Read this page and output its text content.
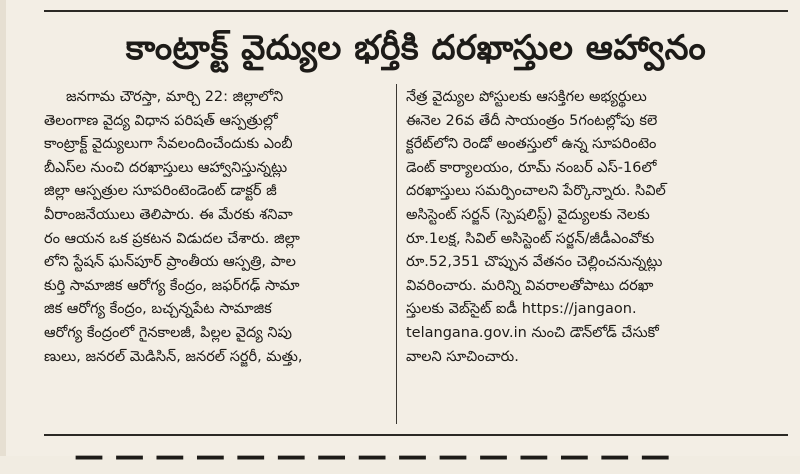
కాంట్రాక్ట్ వైద్యుల భర్తీకి దరఖాస్తుల ఆహ్వానం
జనగామ చౌరస్తా, మార్చి 22: జిల్లాలోని
తెలంగాణ వైద్య విధాన పరిషత్ ఆస్పత్రుల్లో
కాంట్రాక్ట్ వైద్యులుగా సేవలందించేందుకు ఎంబీ
బీఎస్‌ల నుంచి దరఖాస్తులు ఆహ్వానిస్తున్నట్లు
జిల్లా ఆస్పత్రుల సూపరింటెండెంట్ డాక్టర్ జీ
వీరాంజనేయులు తెలిపారు. ఈ మేరకు శనివా
రం ఆయన ఒక ప్రకటన విడుదల చేశారు. జిల్లా
లోని స్టేషన్ ఘన్‌పూర్ ప్రాంతీయ ఆస్పత్రి, పాల
కుర్తి సామాజిక ఆరోగ్య కేంద్రం, జఫర్‌గఢ్ సామా
జిక ఆరోగ్య కేంద్రం, బచ్చన్నపేట సామాజిక
ఆరోగ్య కేంద్రంలో గైనకాలజీ, పిల్లల వైద్య నిపు
ణులు, జనరల్ మెడిసిన్, జనరల్ సర్జరీ, మత్తు,
నేత్ర వైద్యుల పోస్టులకు ఆసక్తిగల అభ్యర్థులు
ఈనెల 26వ తేదీ సాయంత్రం 5గంటల్లోపు కలె
క్టరేట్‌లోని రెండో అంతస్తులో ఉన్న సూపరింటెం
డెంట్ కార్యాలయం, రూమ్ నంబర్ ఎస్-16లో
దరఖాస్తులు సమర్పించాలని పేర్కొన్నారు. సివిల్
అసిస్టెంట్ సర్జన్ (స్పెషలిస్ట్) వైద్యులకు నెలకు
రూ.1లక్ష, సివిల్ అసిస్టెంట్ సర్జన్/జీడీఎంవోకు
రూ.52,351 చొప్పున వేతనం చెల్లించనున్నట్లు
వివరించారు. మరిన్ని వివరాలతోపాటు దరఖా
స్తులకు వెబ్‌సైట్ ఐడీ https://jangaon.
telangana.gov.in నుంచి డౌన్‌లోడ్ చేసుకో
వాలని సూచించారు.
— — — — — — — — — — — — — — —
